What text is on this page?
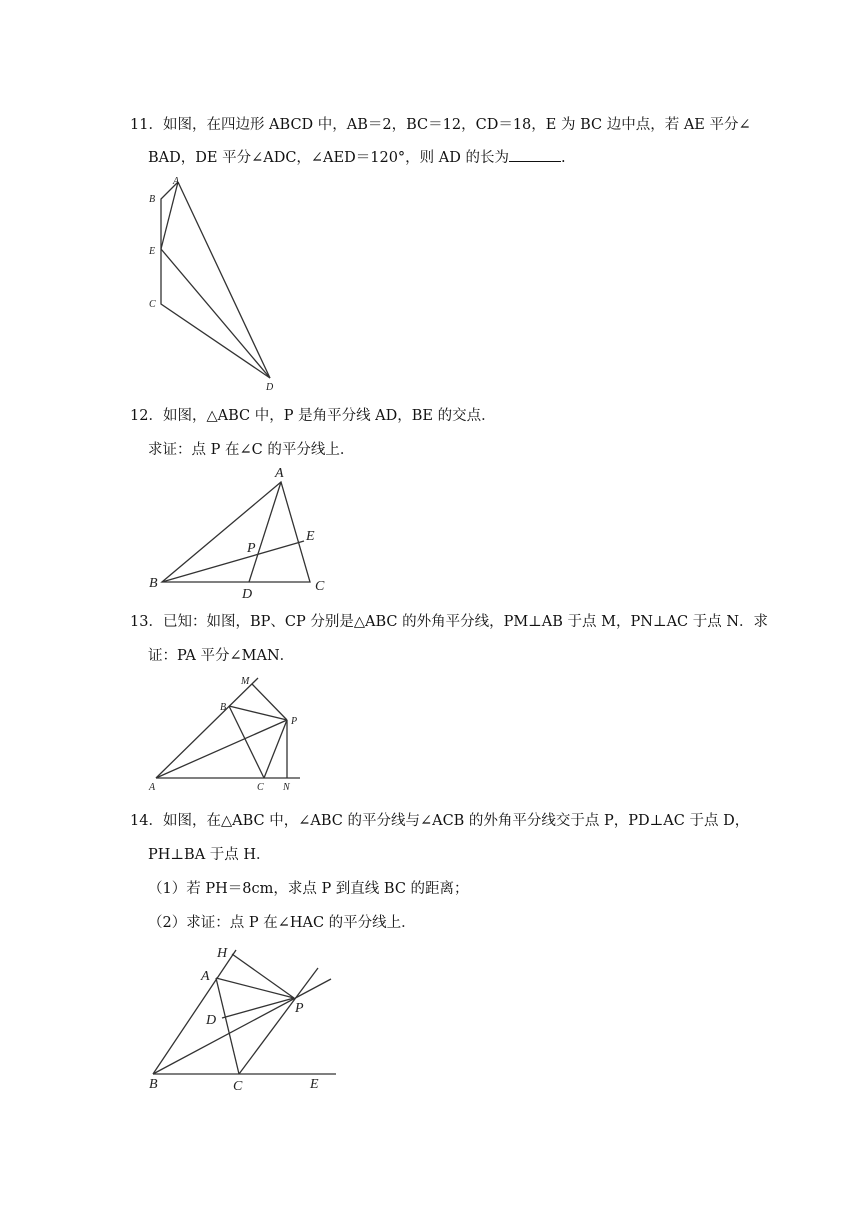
11．如图，在四边形 ABCD 中，AB＝2，BC＝12，CD＝18，E 为 BC 边中点，若 AE 平分∠
BAD，DE 平分∠ADC，∠AED＝120°，则 AD 的长为	.
A
B
E
C
D
12．如图，△ABC 中，P 是角平分线 AD，BE 的交点．
求证：点 P 在∠C 的平分线上．
A
B	C
D
E
P
13．已知：如图，BP、CP 分别是△ABC 的外角平分线，PM⊥AB 于点 M，PN⊥AC 于点 N．求
证：PA 平分∠MAN．
M
B
P
A	C N
14．如图，在△ABC 中，∠ABC 的平分线与∠ACB 的外角平分线交于点 P，PD⊥AC 于点 D，
PH⊥BA 于点 H．
（1）若 PH＝8cm，求点 P 到直线 BC 的距离；
（2）求证：点 P 在∠HAC 的平分线上．
H
A
D
P
B	C	E
